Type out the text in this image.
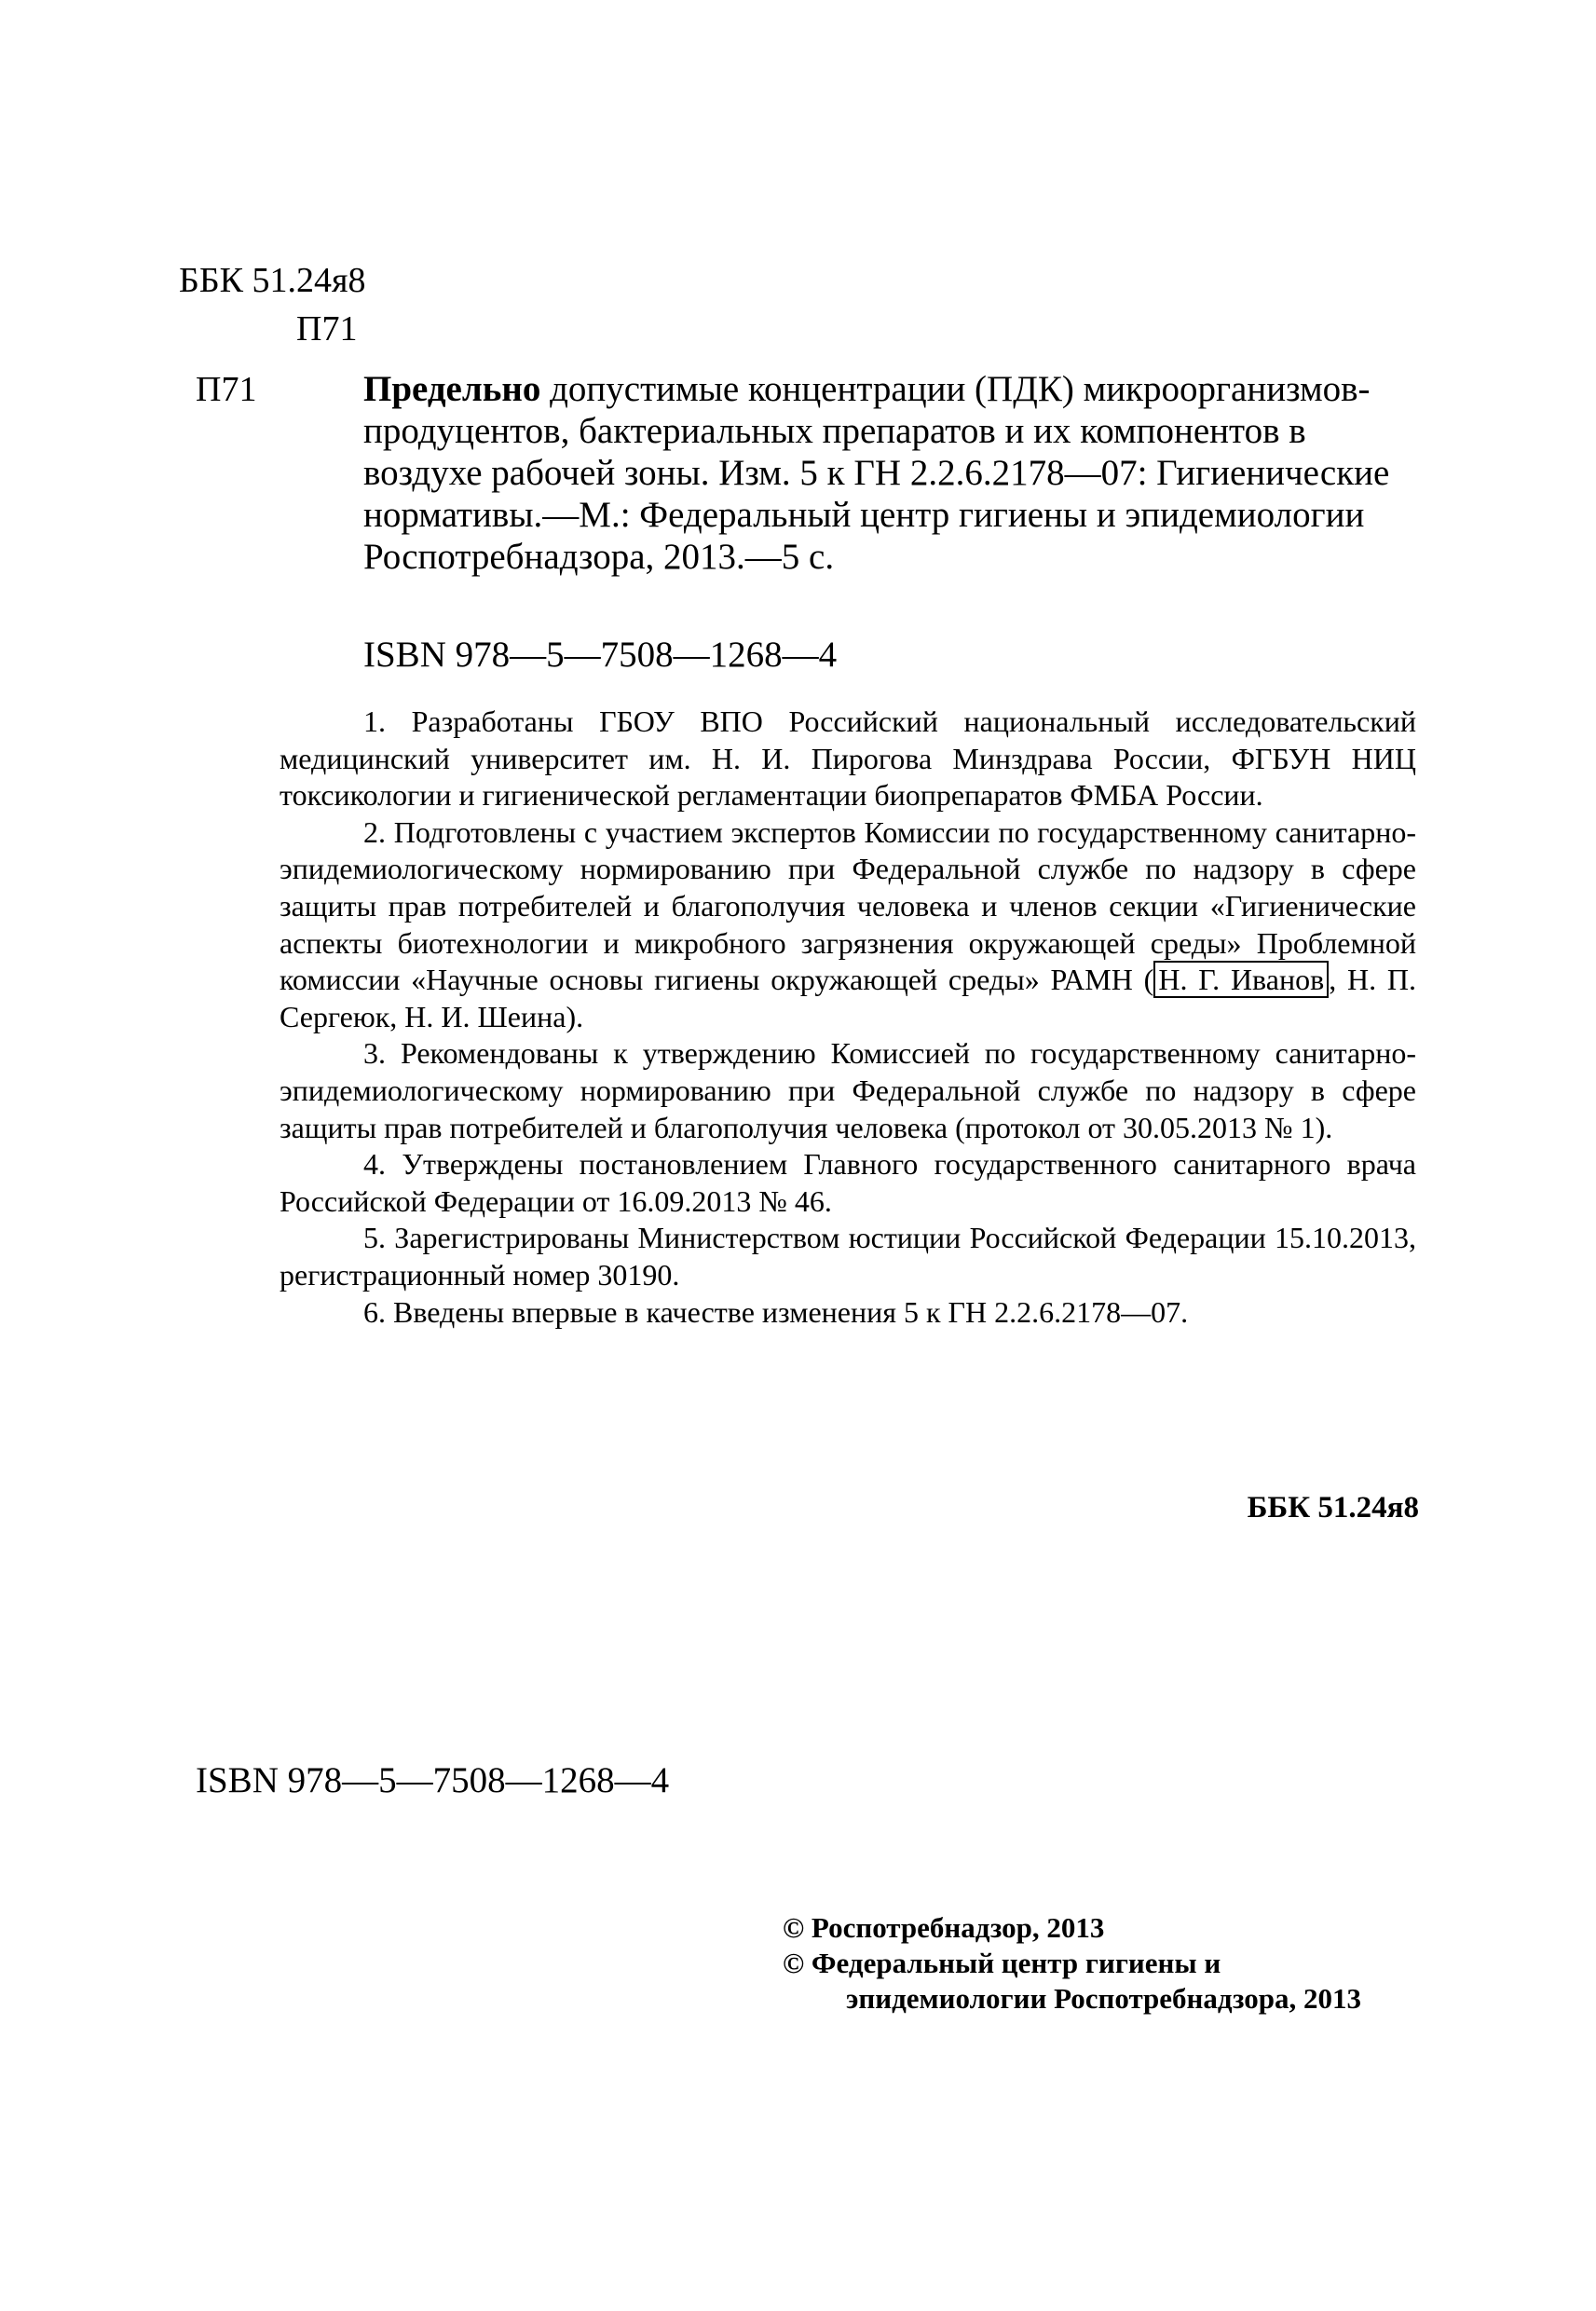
ББК 51.24я8
П71
П71	Предельно допустимые концентрации (ПДК) микроорганизмов-продуцентов, бактериальных препаратов и их компонентов в воздухе рабочей зоны. Изм. 5 к ГН 2.2.6.2178—07: Гигиенические нормативы.—М.: Федеральный центр гигиены и эпидемиологии Роспотребнадзора, 2013.—5 с.
ISBN 978—5—7508—1268—4

1. Разработаны ГБОУ ВПО Российский национальный исследовательский медицинский университет им. Н. И. Пирогова Минздрава России, ФГБУН НИЦ токсикологии и гигиенической регламентации биопрепаратов ФМБА России.

2. Подготовлены с участием экспертов Комиссии по государственному санитарно-эпидемиологическому нормированию при Федеральной службе по надзору в сфере защиты прав потребителей и благополучия человека и членов секции «Гигиенические аспекты биотехнологии и микробного загрязнения окружающей среды» Проблемной комиссии «Научные основы гигиены окружающей среды» РАМН ( Н. Г. Иванов , Н. П. Сергеюк, Н. И. Шеина).

3. Рекомендованы к утверждению Комиссией по государственному санитарно-эпидемиологическому нормированию при Федеральной службе по надзору в сфере защиты прав потребителей и благополучия человека (протокол от 30.05.2013 № 1).

4. Утверждены постановлением Главного государственного санитарного врача Российской Федерации от 16.09.2013 № 46.

5. Зарегистрированы Министерством юстиции Российской Федерации 15.10.2013, регистрационный номер 30190.

6. Введены впервые в качестве изменения 5 к ГН 2.2.6.2178—07.

ББК 51.24я8
ISBN 978—5—7508—1268—4
© Роспотребнадзор, 2013
© Федеральный центр гигиены и
эпидемиологии Роспотребнадзора, 2013
